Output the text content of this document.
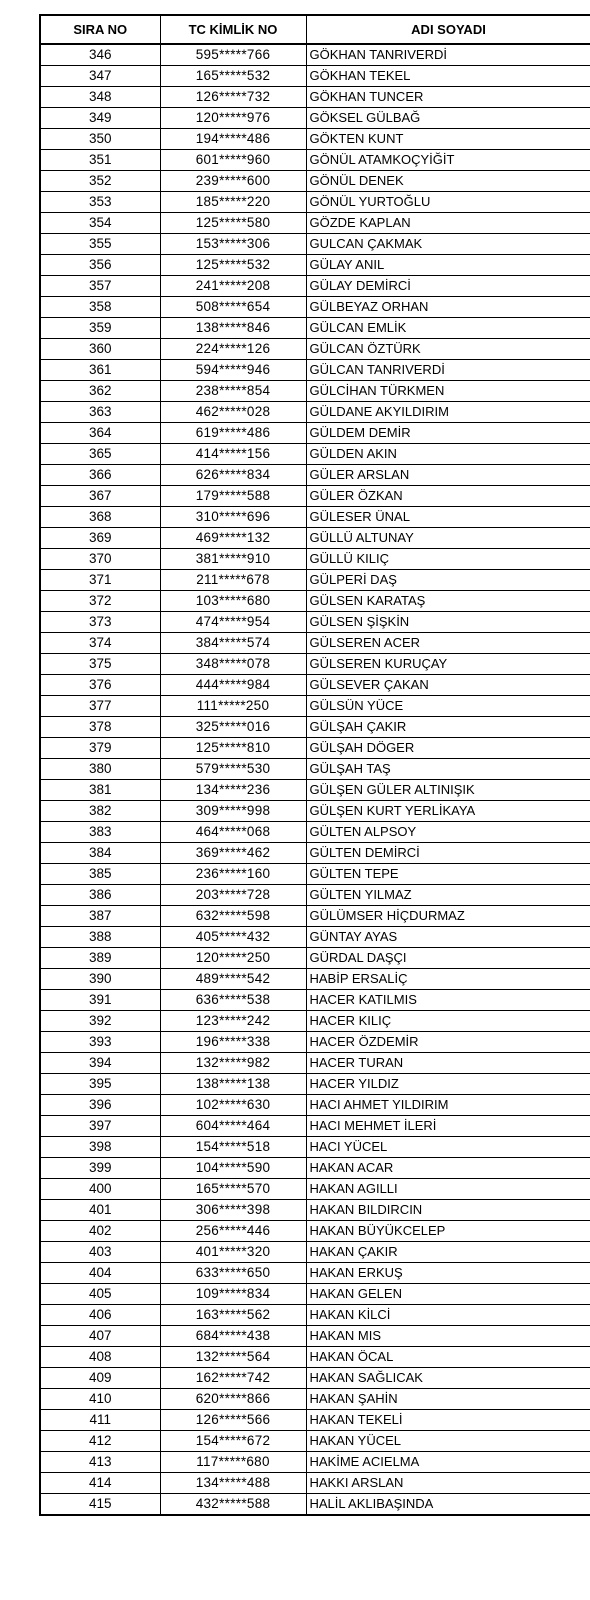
SIRA NO	TC KİMLİK NO	ADI SOYADI
346	595*****766	GÖKHAN TANRIVERDİ
347	165*****532	GÖKHAN TEKEL
348	126*****732	GÖKHAN TUNCER
349	120*****976	GÖKSEL GÜLBAĞ
350	194*****486	GÖKTEN KUNT
351	601*****960	GÖNÜL ATAMKOÇYİĞİT
352	239*****600	GÖNÜL DENEK
353	185*****220	GÖNÜL YURTOĞLU
354	125*****580	GÖZDE KAPLAN
355	153*****306	GULCAN ÇAKMAK
356	125*****532	GÜLAY ANIL
357	241*****208	GÜLAY DEMİRCİ
358	508*****654	GÜLBEYAZ ORHAN
359	138*****846	GÜLCAN EMLİK
360	224*****126	GÜLCAN ÖZTÜRK
361	594*****946	GÜLCAN TANRIVERDİ
362	238*****854	GÜLCİHAN TÜRKMEN
363	462*****028	GÜLDANE AKYILDIRIM
364	619*****486	GÜLDEM DEMİR
365	414*****156	GÜLDEN AKIN
366	626*****834	GÜLER ARSLAN
367	179*****588	GÜLER ÖZKAN
368	310*****696	GÜLESER ÜNAL
369	469*****132	GÜLLÜ ALTUNAY
370	381*****910	GÜLLÜ KILIÇ
371	211*****678	GÜLPERİ DAŞ
372	103*****680	GÜLSEN KARATAŞ
373	474*****954	GÜLSEN ŞİŞKİN
374	384*****574	GÜLSEREN ACER
375	348*****078	GÜLSEREN KURUÇAY
376	444*****984	GÜLSEVER ÇAKAN
377	111*****250	GÜLSÜN YÜCE
378	325*****016	GÜLŞAH ÇAKIR
379	125*****810	GÜLŞAH DÖGER
380	579*****530	GÜLŞAH TAŞ
381	134*****236	GÜLŞEN GÜLER ALTINIŞIK
382	309*****998	GÜLŞEN KURT YERLİKAYA
383	464*****068	GÜLTEN ALPSOY
384	369*****462	GÜLTEN DEMİRCİ
385	236*****160	GÜLTEN TEPE
386	203*****728	GÜLTEN YILMAZ
387	632*****598	GÜLÜMSER HİÇDURMAZ
388	405*****432	GÜNTAY AYAS
389	120*****250	GÜRDAL DAŞÇI
390	489*****542	HABİP ERSALİÇ
391	636*****538	HACER KATILMIS
392	123*****242	HACER KILIÇ
393	196*****338	HACER ÖZDEMİR
394	132*****982	HACER TURAN
395	138*****138	HACER YILDIZ
396	102*****630	HACI AHMET YILDIRIM
397	604*****464	HACI MEHMET İLERİ
398	154*****518	HACI YÜCEL
399	104*****590	HAKAN ACAR
400	165*****570	HAKAN AGILLI
401	306*****398	HAKAN BILDIRCIN
402	256*****446	HAKAN BÜYÜKCELEP
403	401*****320	HAKAN ÇAKIR
404	633*****650	HAKAN ERKUŞ
405	109*****834	HAKAN GELEN
406	163*****562	HAKAN KİLCİ
407	684*****438	HAKAN MIS
408	132*****564	HAKAN ÖCAL
409	162*****742	HAKAN SAĞLICAK
410	620*****866	HAKAN ŞAHİN
411	126*****566	HAKAN TEKELİ
412	154*****672	HAKAN YÜCEL
413	117*****680	HAKİME ACIELMA
414	134*****488	HAKKI ARSLAN
415	432*****588	HALİL AKLIBAŞINDA
